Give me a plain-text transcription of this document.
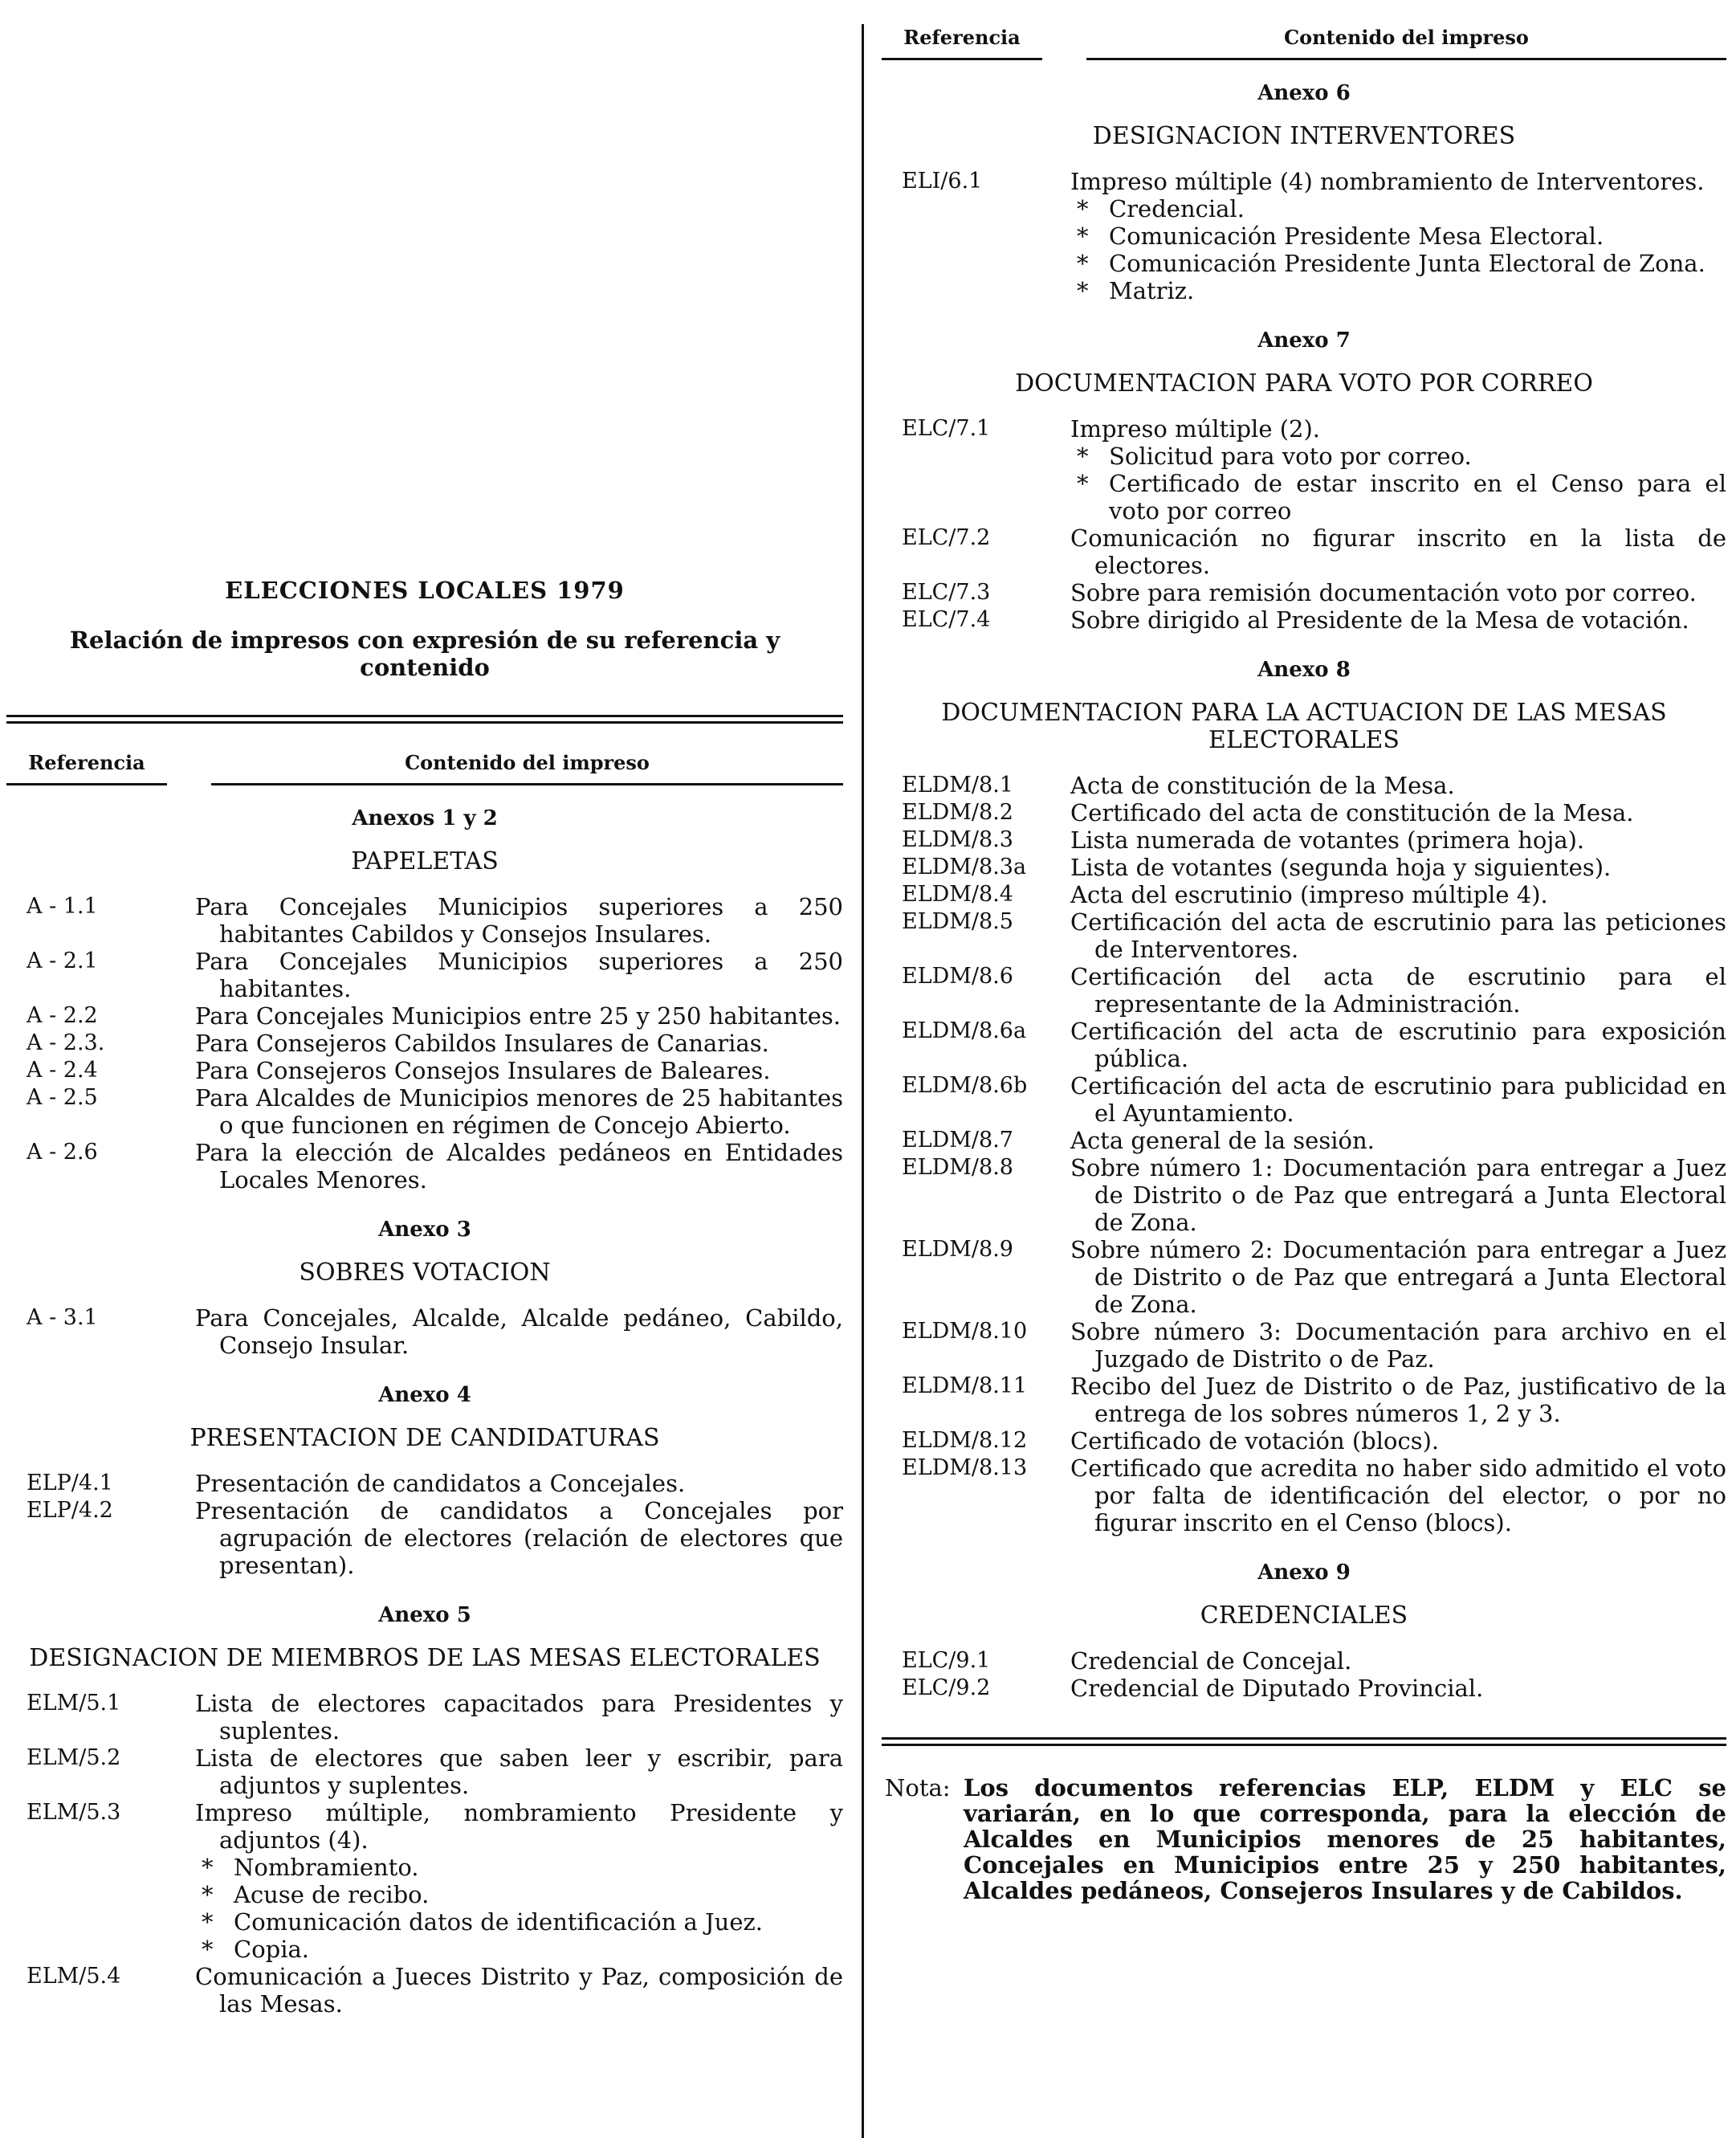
ELECCIONES LOCALES 1979

Relación de impresos con expresión de su referencia y contenido

Referencia	Contenido del impreso
Anexos 1 y 2
PAPELETAS
A - 1.1	Para Concejales Municipios superiores a 250 habitantes Cabildos y Consejos Insulares.
A - 2.1	Para Concejales Municipios superiores a 250 habitantes.
A - 2.2	Para Concejales Municipios entre 25 y 250 habitantes.
A - 2.3.	Para Consejeros Cabildos Insulares de Canarias.
A - 2.4	Para Consejeros Consejos Insulares de Baleares.
A - 2.5	Para Alcaldes de Municipios menores de 25 habitantes o que funcionen en régimen de Concejo Abierto.
A - 2.6	Para la elección de Alcaldes pedáneos en Entidades Locales Menores.
Anexo 3
SOBRES VOTACION
A - 3.1	Para Concejales, Alcalde, Alcalde pedáneo, Cabildo, Consejo Insular.
Anexo 4
PRESENTACION DE CANDIDATURAS
ELP/4.1	Presentación de candidatos a Concejales.
ELP/4.2	Presentación de candidatos a Concejales por agrupación de electores (relación de electores que presentan).
Anexo 5
DESIGNACION DE MIEMBROS DE LAS MESAS ELECTORALES
ELM/5.1	Lista de electores capacitados para Presidentes y suplentes.
ELM/5.2	Lista de electores que saben leer y escribir, para adjuntos y suplentes.
ELM/5.3	Impreso múltiple, nombramiento Presidente y adjuntos (4).
* Nombramiento.
* Acuse de recibo.
* Comunicación datos de identificación a Juez.
* Copia.
ELM/5.4	Comunicación a Jueces Distrito y Paz, composición de las Mesas.
Referencia	Contenido del impreso
Anexo 6
DESIGNACION INTERVENTORES
ELI/6.1	Impreso múltiple (4) nombramiento de Interventores.
* Credencial.
* Comunicación Presidente Mesa Electoral.
* Comunicación Presidente Junta Electoral de Zona.
* Matriz.
Anexo 7
DOCUMENTACION PARA VOTO POR CORREO
ELC/7.1	Impreso múltiple (2).
* Solicitud para voto por correo.
* Certificado de estar inscrito en el Censo para el voto por correo
ELC/7.2	Comunicación no figurar inscrito en la lista de electores.
ELC/7.3	Sobre para remisión documentación voto por correo.
ELC/7.4	Sobre dirigido al Presidente de la Mesa de votación.
Anexo 8
DOCUMENTACION PARA LA ACTUACION DE LAS MESAS ELECTORALES
ELDM/8.1	Acta de constitución de la Mesa.
ELDM/8.2	Certificado del acta de constitución de la Mesa.
ELDM/8.3	Lista numerada de votantes (primera hoja).
ELDM/8.3a	Lista de votantes (segunda hoja y siguientes).
ELDM/8.4	Acta del escrutinio (impreso múltiple 4).
ELDM/8.5	Certificación del acta de escrutinio para las peticiones de Interventores.
ELDM/8.6	Certificación del acta de escrutinio para el representante de la Administración.
ELDM/8.6a	Certificación del acta de escrutinio para exposición pública.
ELDM/8.6b	Certificación del acta de escrutinio para publicidad en el Ayuntamiento.
ELDM/8.7	Acta general de la sesión.
ELDM/8.8	Sobre número 1: Documentación para entregar a Juez de Distrito o de Paz que entregará a Junta Electoral de Zona.
ELDM/8.9	Sobre número 2: Documentación para entregar a Juez de Distrito o de Paz que entregará a Junta Electoral de Zona.
ELDM/8.10	Sobre número 3: Documentación para archivo en el Juzgado de Distrito o de Paz.
ELDM/8.11	Recibo del Juez de Distrito o de Paz, justificativo de la entrega de los sobres números 1, 2 y 3.
ELDM/8.12	Certificado de votación (blocs).
ELDM/8.13	Certificado que acredita no haber sido admitido el voto por falta de identificación del elector, o por no figurar inscrito en el Censo (blocs).
Anexo 9
CREDENCIALES
ELC/9.1	Credencial de Concejal.
ELC/9.2	Credencial de Diputado Provincial.
Nota: Los documentos referencias ELP, ELDM y ELC se variarán, en lo que corresponda, para la elección de Alcaldes en Municipios menores de 25 habitantes, Concejales en Municipios entre 25 y 250 habitantes, Alcaldes pedáneos, Consejeros Insulares y de Cabildos.
